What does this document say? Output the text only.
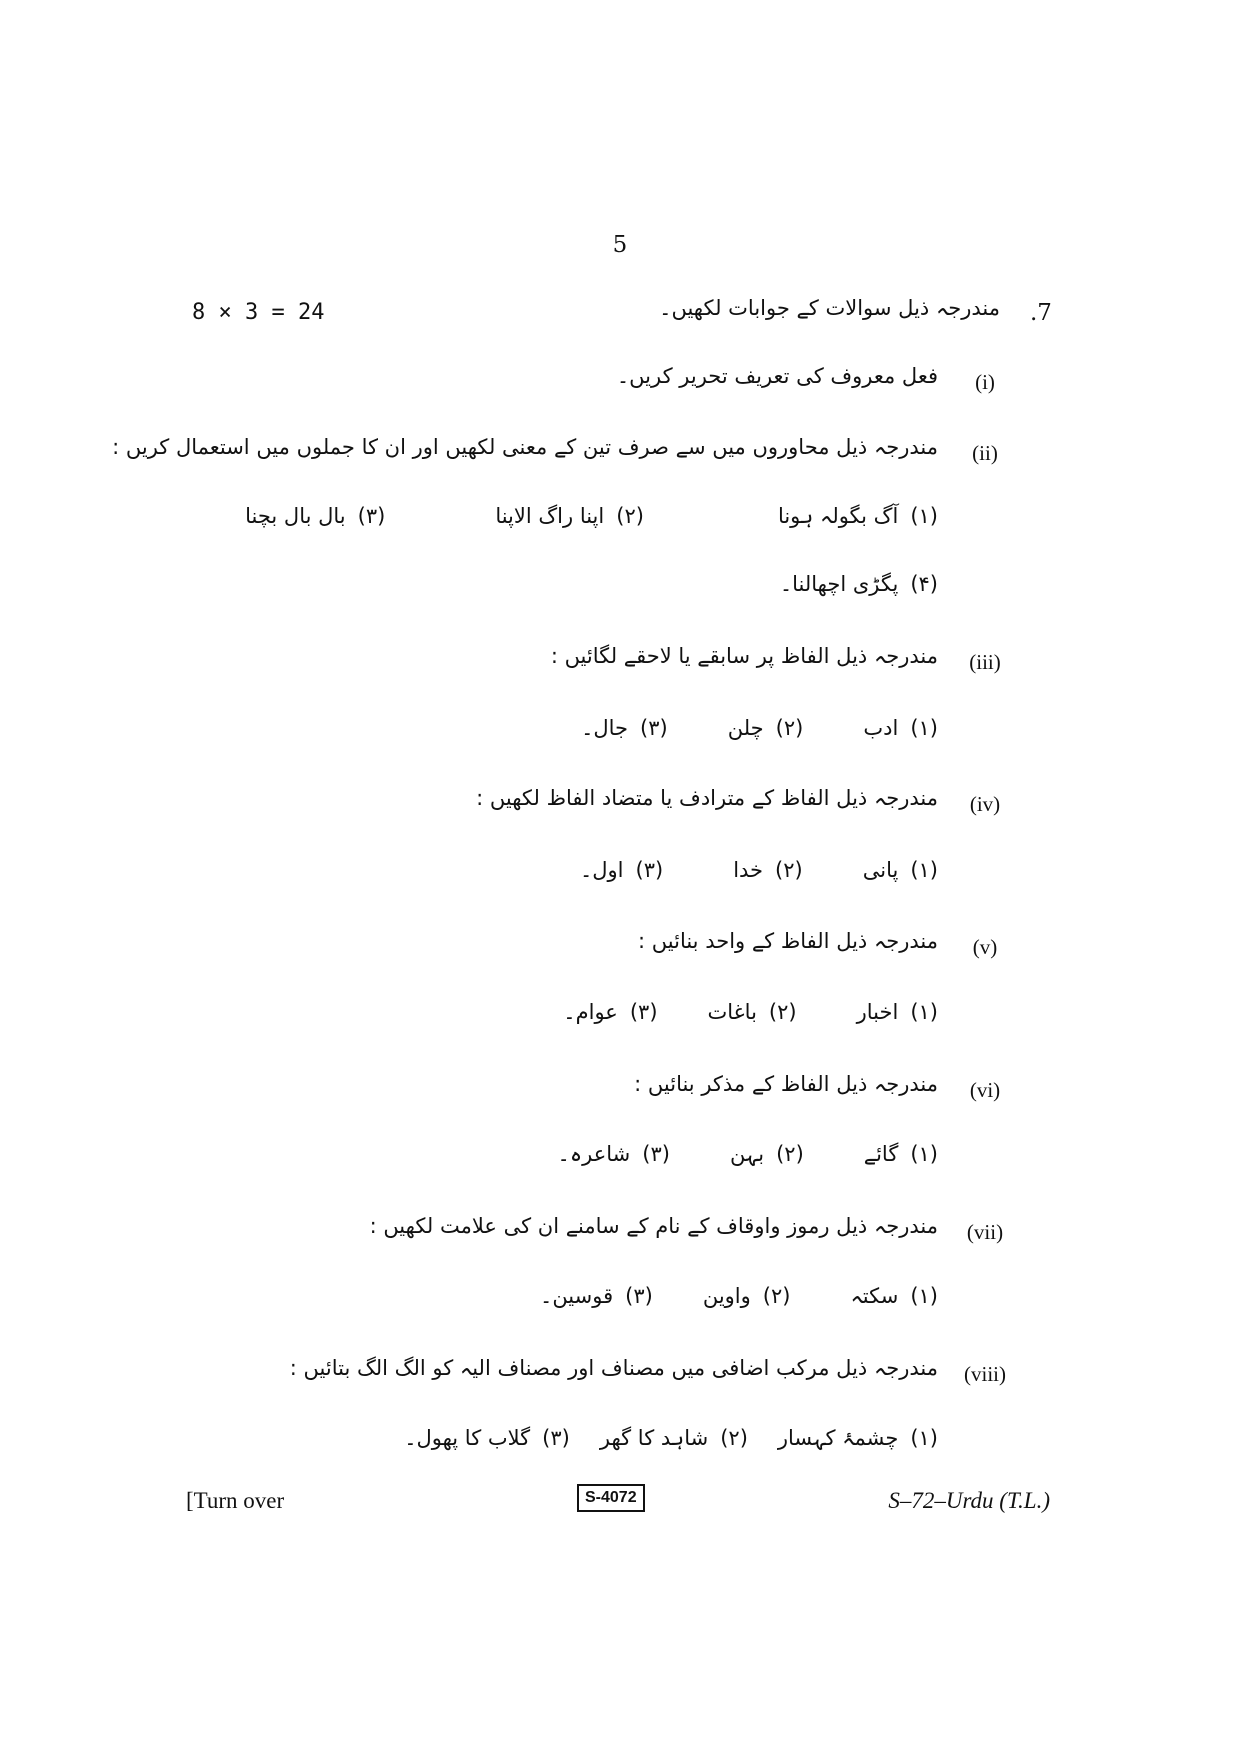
5
8 × 3 = 24	.7
مندرجہ ذیل سوالات کے جوابات لکھیں۔
(i)
فعل معروف کی تعریف تحریر کریں۔
(ii)
مندرجہ ذیل محاوروں میں سے صرف تین کے معنی لکھیں اور ان کا جملوں میں استعمال کریں :
(۱)آگ بگولہ ہونا
(۲)اپنا راگ الاپنا
(۳)بال بال بچنا
(۴)پگڑی اچھالنا۔
(iii)
مندرجہ ذیل الفاظ پر سابقے یا لاحقے لگائیں :
(۱)ادب
(۲)چلن
(۳)جال۔
(iv)
مندرجہ ذیل الفاظ کے مترادف یا متضاد الفاظ لکھیں :
(۱)پانی
(۲)خدا
(۳)اول۔
(v)
مندرجہ ذیل الفاظ کے واحد بنائیں :
(۱)اخبار
(۲)باغات
(۳)عوام۔
(vi)
مندرجہ ذیل الفاظ کے مذکر بنائیں :
(۱)گائے
(۲)بہن
(۳)شاعرہ۔
(vii)
مندرجہ ذیل رموز واوقاف کے نام کے سامنے ان کی علامت لکھیں :
(۱)سکتہ
(۲)واوین
(۳)قوسین۔
(viii)
مندرجہ ذیل مرکب اضافی میں مصناف اور مصناف الیہ کو الگ الگ بتائیں :
(۱)چشمۂ کہسار
(۲)شاہد کا گھر
(۳)گلاب کا پھول۔
[Turn over	S-4072	S–72–Urdu (T.L.)
